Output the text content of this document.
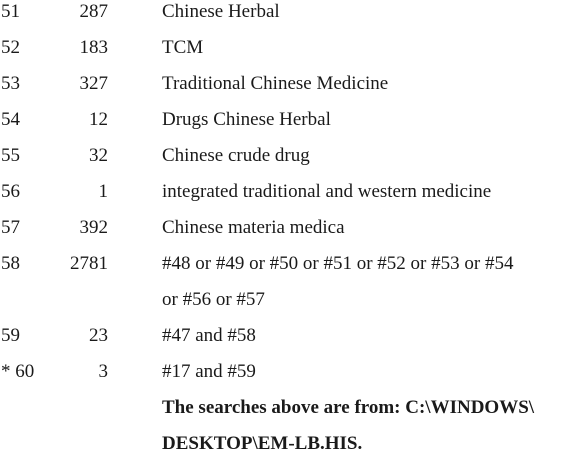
51	287	Chinese Herbal
52	183	TCM
53	327	Traditional Chinese Medicine
54	12	Drugs Chinese Herbal
55	32	Chinese crude drug
56	1	integrated traditional and western medicine
57	392	Chinese materia medica
58	2781	#48 or #49 or #50 or #51 or #52 or #53 or #54
or #56 or #57
59	23	#47 and #58
* 60	3	#17 and #59
The searches above are from: C:\WINDOWS\
DESKTOP\EM-LB.HIS.
